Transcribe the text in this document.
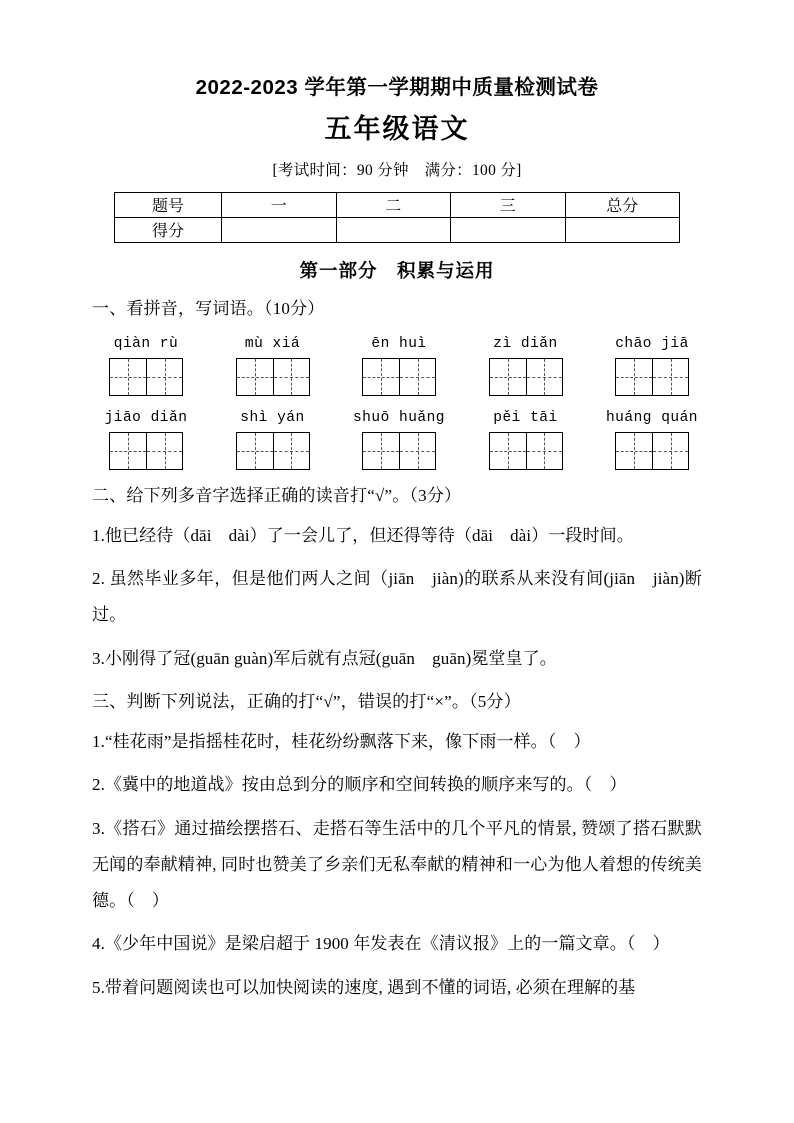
2022-2023 学年第一学期期中质量检测试卷
五年级语文
[考试时间：90 分钟　满分：100 分]
题号	一	二	三	总分
得分				
第一部分　积累与运用
一、看拼音，写词语。（10分）
qiàn rù	mù xiá	ēn huì	zì diǎn	chāo jiā
jiāo diǎn	shì yán	shuō huǎng	pěi tāi	huáng quán
二、给下列多音字选择正确的读音打“√”。（3分）
1.他已经待（dāi　dài）了一会儿了，但还得等待（dāi　dài）一段时间。
2. 虽然毕业多年，但是他们两人之间（jiān　jiàn)的联系从来没有间(jiān　jiàn)断过。
3.小刚得了冠(guān guàn)军后就有点冠(guān　guān)冕堂皇了。
三、判断下列说法，正确的打“√”，错误的打“×”。（5分）
1.“桂花雨”是指摇桂花时，桂花纷纷飘落下来，像下雨一样。（　）
2.《冀中的地道战》按由总到分的顺序和空间转换的顺序来写的。（　）
3.《搭石》通过描绘摆搭石、走搭石等生活中的几个平凡的情景, 赞颂了搭石默默无闻的奉献精神, 同时也赞美了乡亲们无私奉献的精神和一心为他人着想的传统美德。（　）
4.《少年中国说》是梁启超于 1900 年发表在《清议报》上的一篇文章。（　）
5.带着问题阅读也可以加快阅读的速度, 遇到不懂的词语, 必须在理解的基
